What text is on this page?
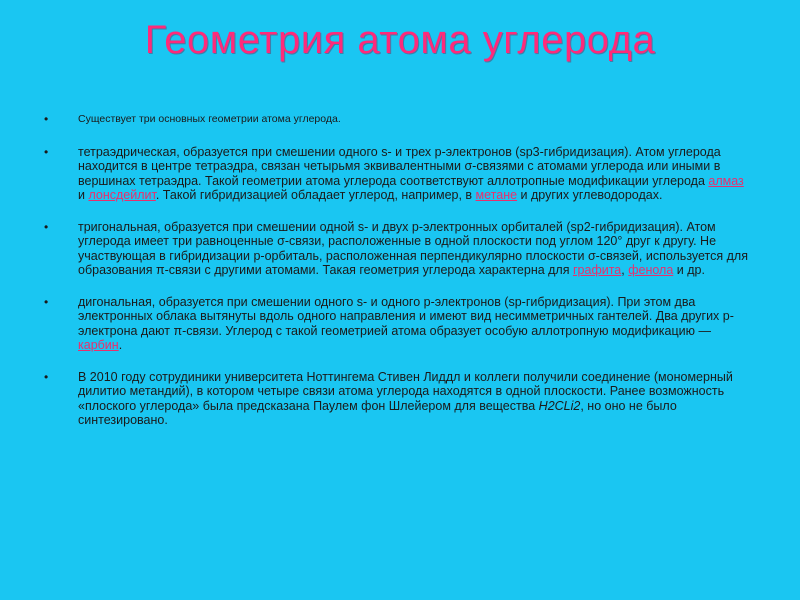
Геометрия атома углерода
•	Существует три основных геометрии атома углерода.
• тетраэдрическая, образуется при смешении одного s- и трех p-электронов (sp3-гибридизация). Атом углерода находится в центре тетраэдра, связан четырьмя эквивалентными σ-связями с атомами углерода или иными в вершинах тетраэдра. Такой геометрии атома углерода соответствуют аллотропные модификации углерода алмаз и лонсдейлит. Такой гибридизацией обладает углерод, например, в метане и других углеводородах.
• тригональная, образуется при смешении одной s- и двух p-электронных орбиталей (sp2-гибридизация). Атом углерода имеет три равноценные σ-связи, расположенные в одной плоскости под углом 120° друг к другу. Не участвующая в гибридизации p-орбиталь, расположенная перпендикулярно плоскости σ-связей, используется для образования π-связи с другими атомами. Такая геометрия углерода характерна для графита, фенола и др.
• дигональная, образуется при смешении одного s- и одного p-электронов (sp-гибридизация). При этом два электронных облака вытянуты вдоль одного направления и имеют вид несимметричных гантелей. Два других p-электрона дают π-связи. Углерод с такой геометрией атома образует особую аллотропную модификацию — карбин.
• В 2010 году сотрудиники университета Ноттингема Стивен Лиддл и коллеги получили соединение (мономерный дилитио метандий), в котором четыре связи атома углерода находятся в одной плоскости. Ранее возможность «плоского углерода» была предсказана Паулем фон Шлейером для вещества H2CLi2, но оно не было синтезировано.
